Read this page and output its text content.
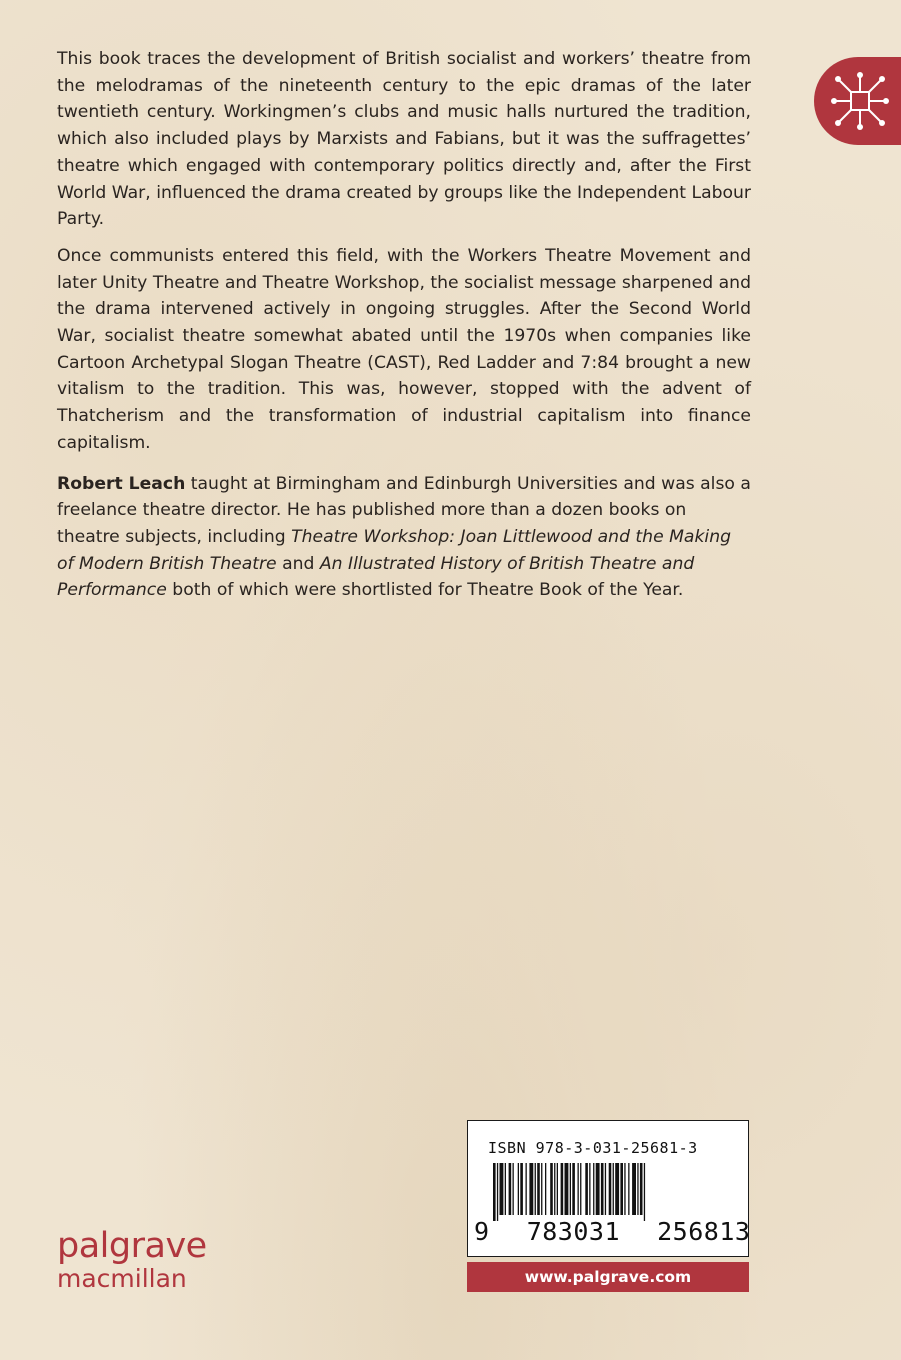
This book traces the development of British socialist and workers’ theatre from the melodramas of the nineteenth century to the epic dramas of the later twentieth century. Workingmen’s clubs and music halls nurtured the tradition, which also included plays by Marxists and Fabians, but it was the suffragettes’ theatre which engaged with contemporary politics directly and, after the First World War, influenced the drama created by groups like the Independent Labour Party.

Once communists entered this field, with the Workers Theatre Movement and later Unity Theatre and Theatre Workshop, the socialist message sharpened and the drama intervened actively in ongoing struggles. After the Second World War, socialist theatre somewhat abated until the 1970s when companies like Cartoon Archetypal Slogan Theatre (CAST), Red Ladder and 7:84 brought a new vitalism to the tradition. This was, however, stopped with the advent of Thatcherism and the transformation of industrial capitalism into finance capitalism.

Robert Leach taught at Birmingham and Edinburgh Universities and was also a freelance theatre director. He has published more than a dozen books on theatre subjects, including Theatre Workshop: Joan Littlewood and the Making of Modern British Theatre and An Illustrated History of British Theatre and Performance both of which were shortlisted for Theatre Book of the Year.

ISBN 978-3-031-25681-3
9 783031 256813
www.palgrave.com
palgrave
macmillan
